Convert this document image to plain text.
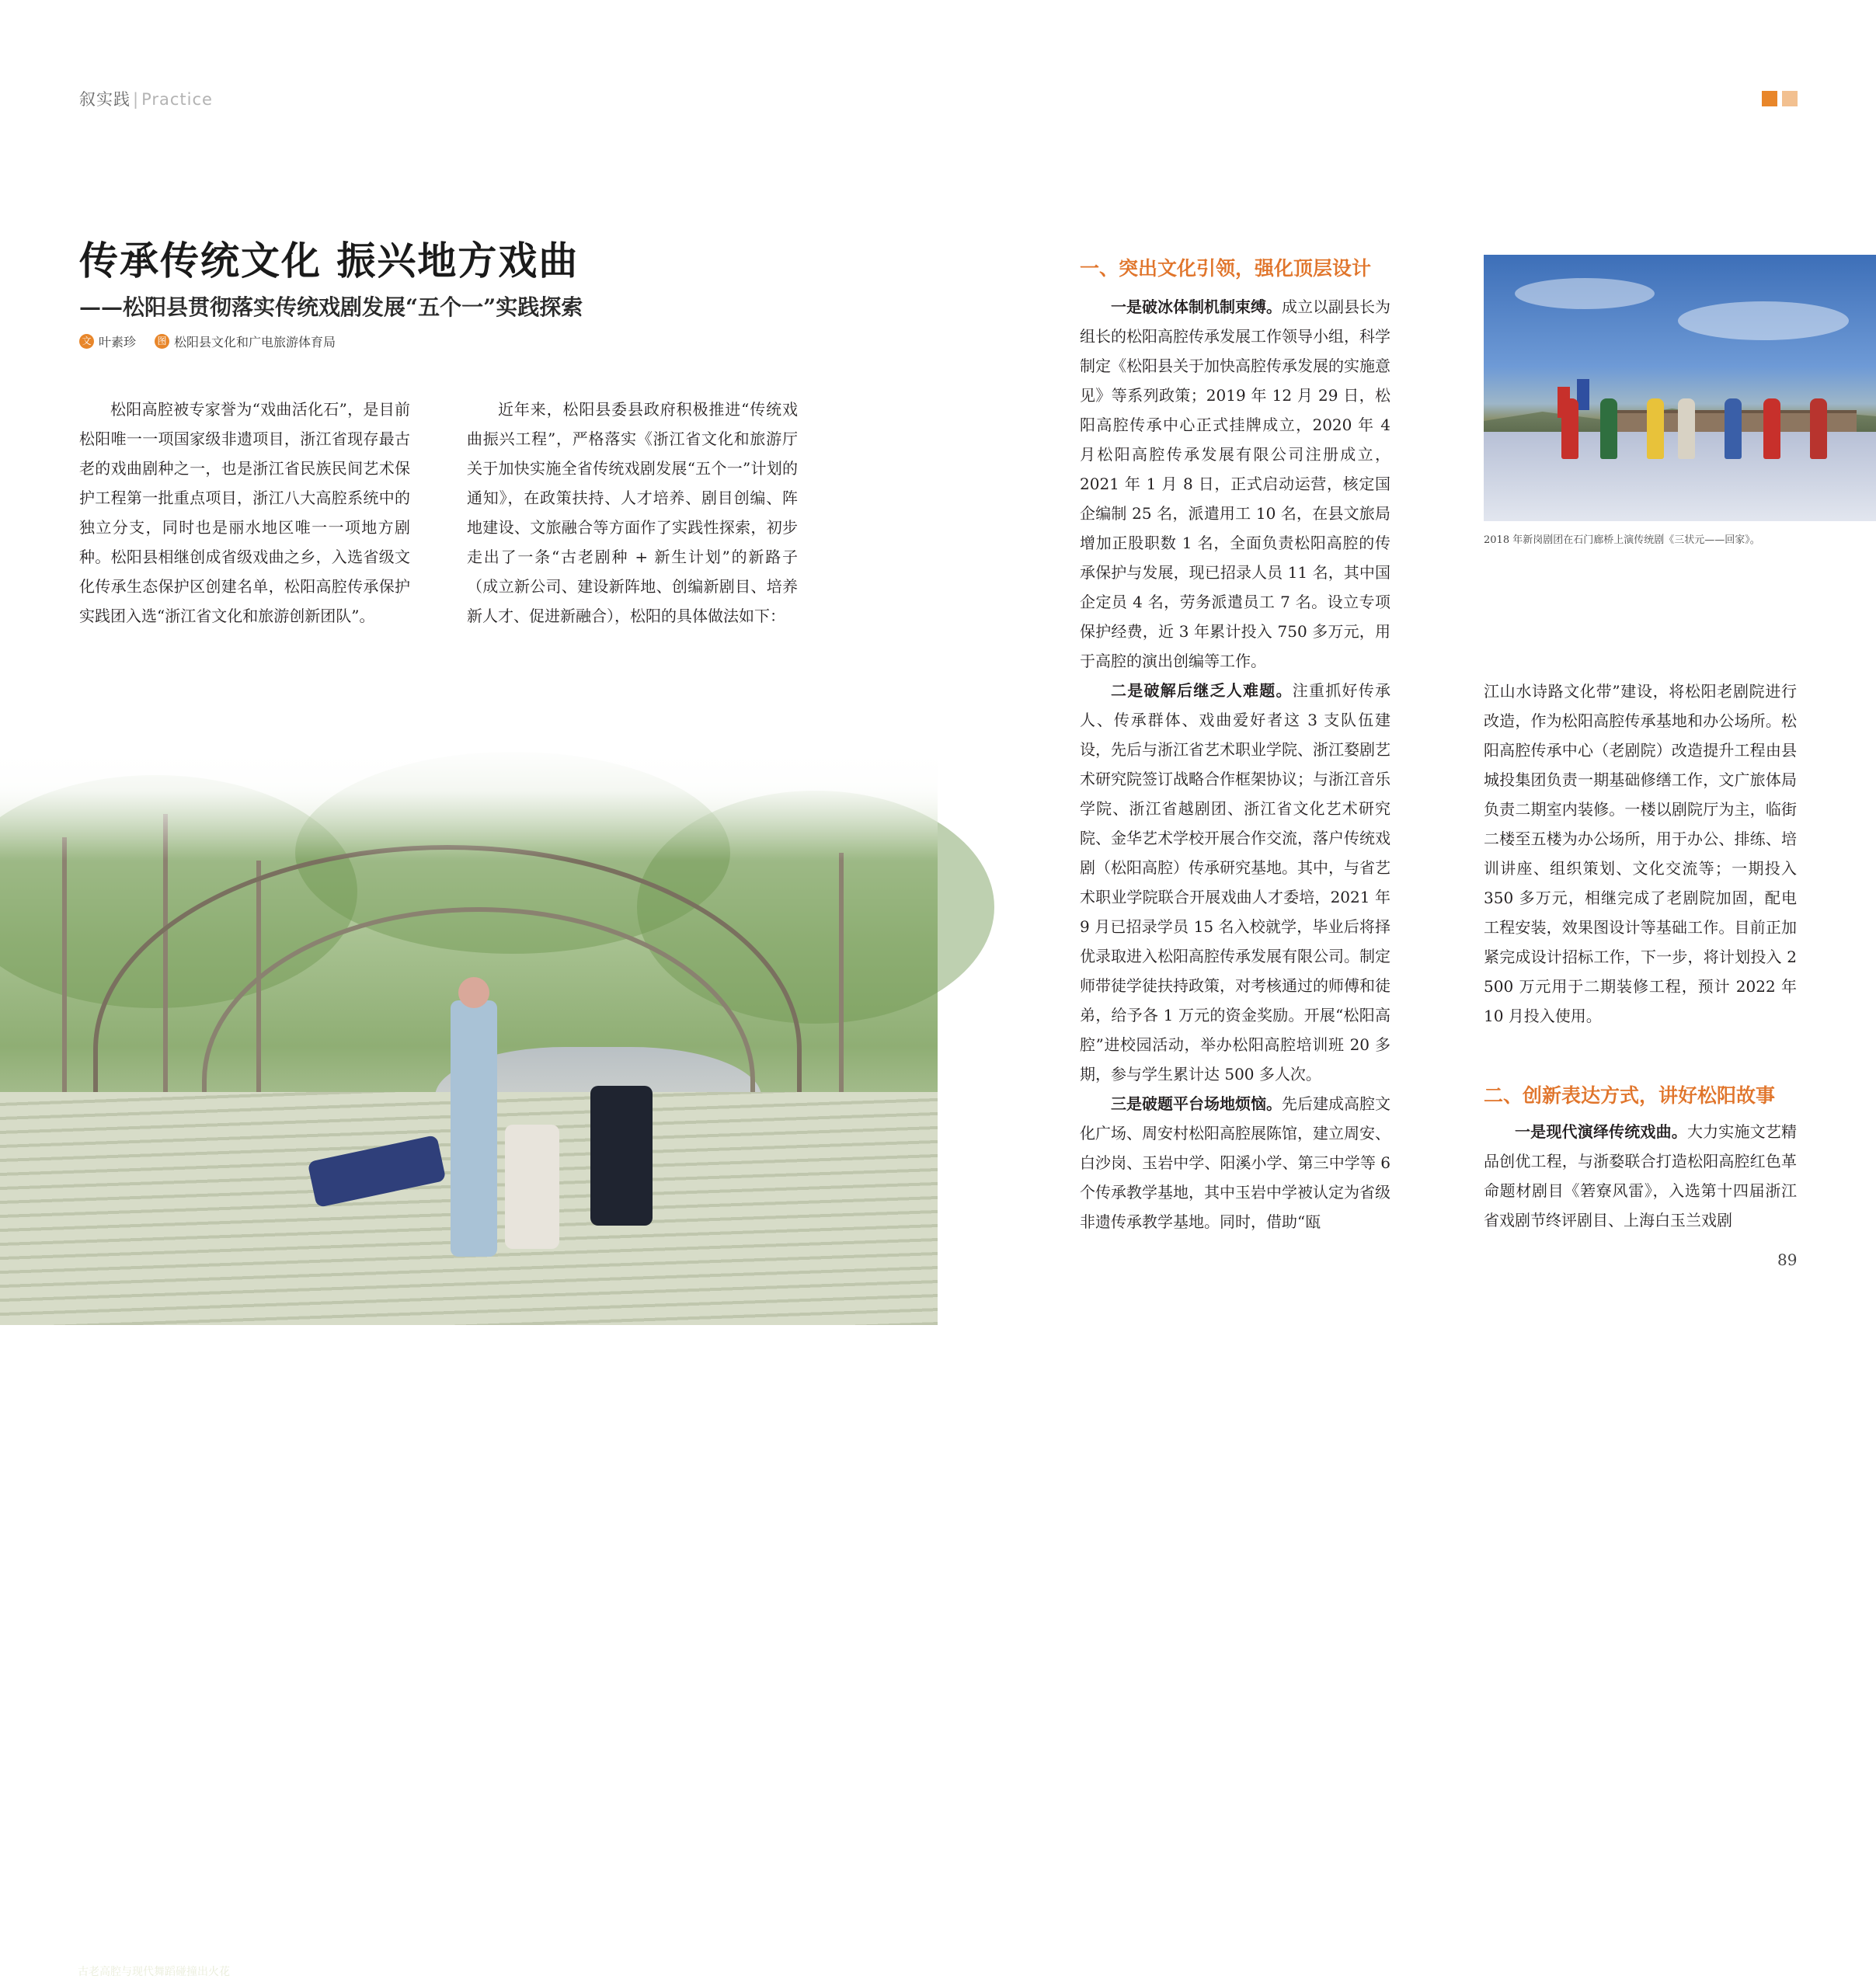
叙实践 | Practice
传承传统文化 振兴地方戏曲
——松阳县贯彻落实传统戏剧发展“五个一”实践探索
文 叶素珍 图 松阳县文化和广电旅游体育局

松阳高腔被专家誉为“戏曲活化石”，是目前松阳唯一一项国家级非遗项目，浙江省现存最古老的戏曲剧种之一，也是浙江省民族民间艺术保护工程第一批重点项目，浙江八大高腔系统中的独立分支，同时也是丽水地区唯一一项地方剧种。松阳县相继创成省级戏曲之乡，入选省级文化传承生态保护区创建名单，松阳高腔传承保护实践团入选“浙江省文化和旅游创新团队”。

近年来，松阳县委县政府积极推进“传统戏曲振兴工程”，严格落实《浙江省文化和旅游厅关于加快实施全省传统戏剧发展“五个一”计划的通知》，在政策扶持、人才培养、剧目创编、阵地建设、文旅融合等方面作了实践性探索，初步走出了一条“古老剧种 + 新生计划”的新路子（成立新公司、建设新阵地、创编新剧目、培养新人才、促进新融合），松阳的具体做法如下：

古老高腔与现代舞蹈碰撞出火花
一、突出文化引领，强化顶层设计

一是破冰体制机制束缚。成立以副县长为组长的松阳高腔传承发展工作领导小组，科学制定《松阳县关于加快高腔传承发展的实施意见》等系列政策；2019 年 12 月 29 日，松阳高腔传承中心正式挂牌成立，2020 年 4 月松阳高腔传承发展有限公司注册成立，2021 年 1 月 8 日，正式启动运营，核定国企编制 25 名，派遣用工 10 名，在县文旅局增加正股职数 1 名，全面负责松阳高腔的传承保护与发展，现已招录人员 11 名，其中国企定员 4 名，劳务派遣员工 7 名。设立专项保护经费，近 3 年累计投入 750 多万元，用于高腔的演出创编等工作。

二是破解后继乏人难题。注重抓好传承人、传承群体、戏曲爱好者这 3 支队伍建设，先后与浙江省艺术职业学院、浙江婺剧艺术研究院签订战略合作框架协议；与浙江音乐学院、浙江省越剧团、浙江省文化艺术研究院、金华艺术学校开展合作交流，落户传统戏剧（松阳高腔）传承研究基地。其中，与省艺术职业学院联合开展戏曲人才委培，2021 年 9 月已招录学员 15 名入校就学，毕业后将择优录取进入松阳高腔传承发展有限公司。制定师带徒学徒扶持政策，对考核通过的师傅和徒弟，给予各 1 万元的资金奖励。开展“松阳高腔”进校园活动，举办松阳高腔培训班 20 多期，参与学生累计达 500 多人次。

三是破题平台场地烦恼。先后建成高腔文化广场、周安村松阳高腔展陈馆，建立周安、白沙岗、玉岩中学、阳溪小学、第三中学等 6 个传承教学基地，其中玉岩中学被认定为省级非遗传承教学基地。同时，借助“瓯

2018 年新岗剧团在石门廊桥上演传统剧《三状元——回家》。

江山水诗路文化带”建设，将松阳老剧院进行改造，作为松阳高腔传承基地和办公场所。松阳高腔传承中心（老剧院）改造提升工程由县城投集团负责一期基础修缮工作，文广旅体局负责二期室内装修。一楼以剧院厅为主，临街二楼至五楼为办公场所，用于办公、排练、培训讲座、组织策划、文化交流等；一期投入 350 多万元，相继完成了老剧院加固，配电工程安装，效果图设计等基础工作。目前正加紧完成设计招标工作，下一步，将计划投入 2 500 万元用于二期装修工程，预计 2022 年 10 月投入使用。

二、创新表达方式，讲好松阳故事

一是现代演绎传统戏曲。大力实施文艺精品创优工程，与浙婺联合打造松阳高腔红色革命题材剧目《箬寮风雷》，入选第十四届浙江省戏剧节终评剧目、上海白玉兰戏剧

89
